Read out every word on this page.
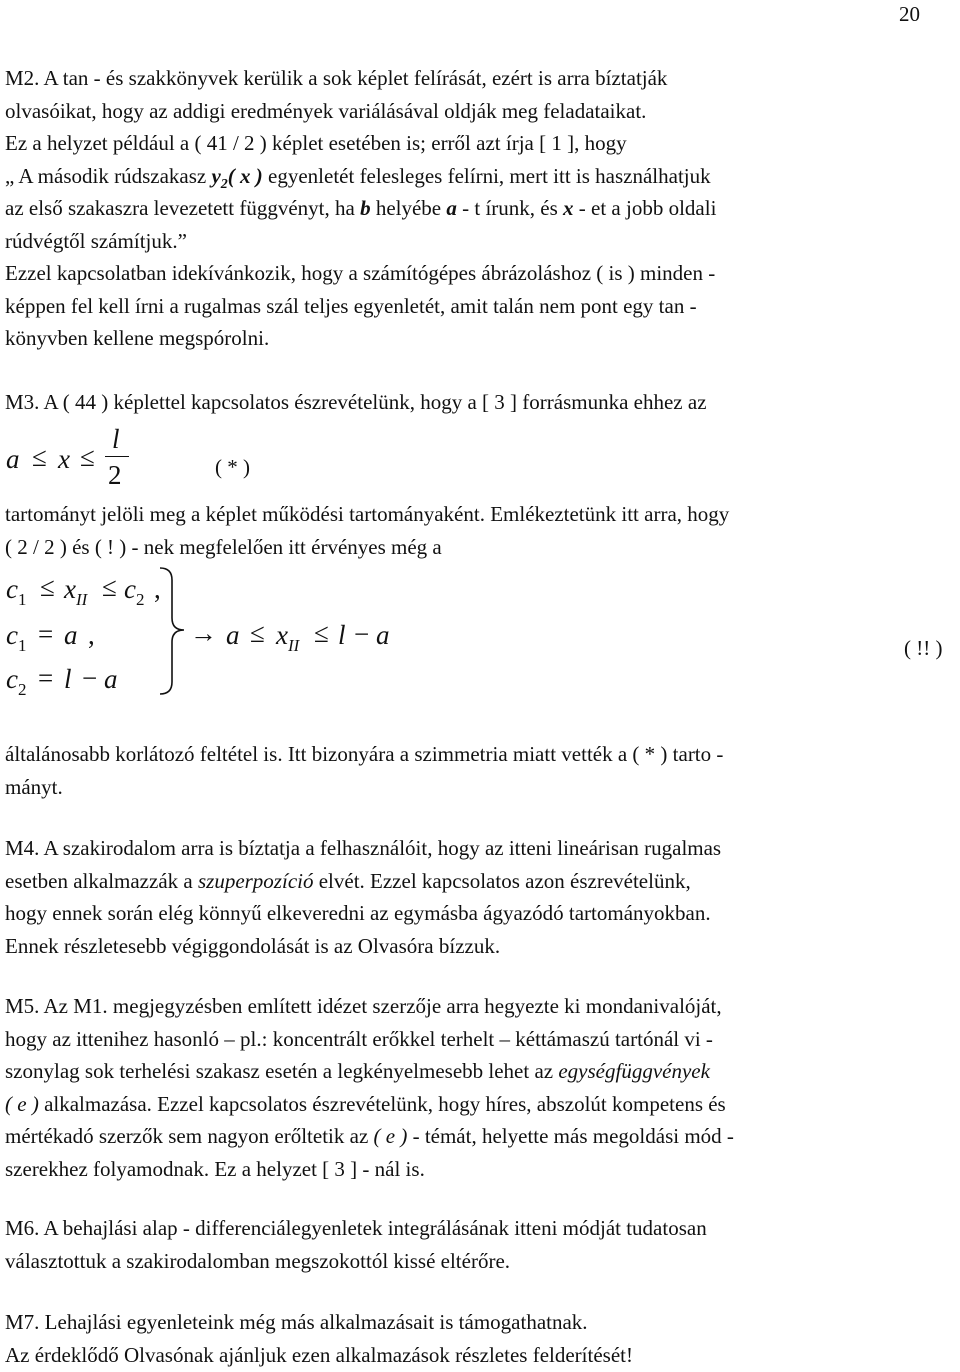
20
M2. A tan - és szakkönyvek kerülik a sok képlet felírását, ezért is arra bíztatják
olvasóikat, hogy az addigi eredmények variálásával oldják meg feladataikat.
Ez a helyzet például a ( 41 / 2 ) képlet esetében is; erről azt írja [ 1 ], hogy
„ A második rúdszakasz $y_2$( x ) egyenletét felesleges felírni, mert itt is használhatjuk
az első szakaszra levezetett függvényt, ha b helyébe a - t írunk, és x - et a jobb oldali
rúdvégtől számítjuk.”
Ezzel kapcsolatban idekívánkozik, hogy a számítógépes ábrázoláshoz ( is ) minden -
képpen fel kell írni a rugalmas szál teljes egyenletét, amit talán nem pont egy tan -
könyvben kellene megspórolni.
M3. A ( 44 ) képlettel kapcsolatos észrevételünk, hogy a [ 3 ] forrásmunka ehhez az
a ≤ x ≤
l
2	( * )
tartományt jelöli meg a képlet működési tartományaként. Emlékeztetünk itt arra, hogy
( 2 / 2 ) és ( ! ) - nek megfelelően itt érvényes még a
$c_1 \le x_{II} \le c_2$ ,
$c_1 = a$ ,
$c_2 = l - a$
→ $a \le x_{II} \le l - a$	( !! )
általánosabb korlátozó feltétel is. Itt bizonyára a szimmetria miatt vették a ( * ) tarto -
mányt.
M4. A szakirodalom arra is bíztatja a felhasználóit, hogy az itteni lineárisan rugalmas
esetben alkalmazzák a szuperpozíció elvét. Ezzel kapcsolatos azon észrevételünk,
hogy ennek során elég könnyű elkeveredni az egymásba ágyazódó tartományokban.
Ennek részletesebb végiggondolását is az Olvasóra bízzuk.
M5. Az M1. megjegyzésben említett idézet szerzője arra hegyezte ki mondanivalóját,
hogy az ittenihez hasonló – pl.: koncentrált erőkkel terhelt – kéttámaszú tartónál vi -
szonylag sok terhelési szakasz esetén a legkényelmesebb lehet az egységfüggvények
( e ) alkalmazása. Ezzel kapcsolatos észrevételünk, hogy híres, abszolút kompetens és
mértékadó szerzők sem nagyon erőltetik az ( e ) - témát, helyette más megoldási mód -
szerekhez folyamodnak. Ez a helyzet [ 3 ] - nál is.
M6. A behajlási alap - differenciálegyenletek integrálásának itteni módját tudatosan
választottuk a szakirodalomban megszokottól kissé eltérőre.
M7. Lehajlási egyenleteink még más alkalmazásait is támogathatnak.
Az érdeklődő Olvasónak ajánljuk ezen alkalmazások részletes felderítését!
